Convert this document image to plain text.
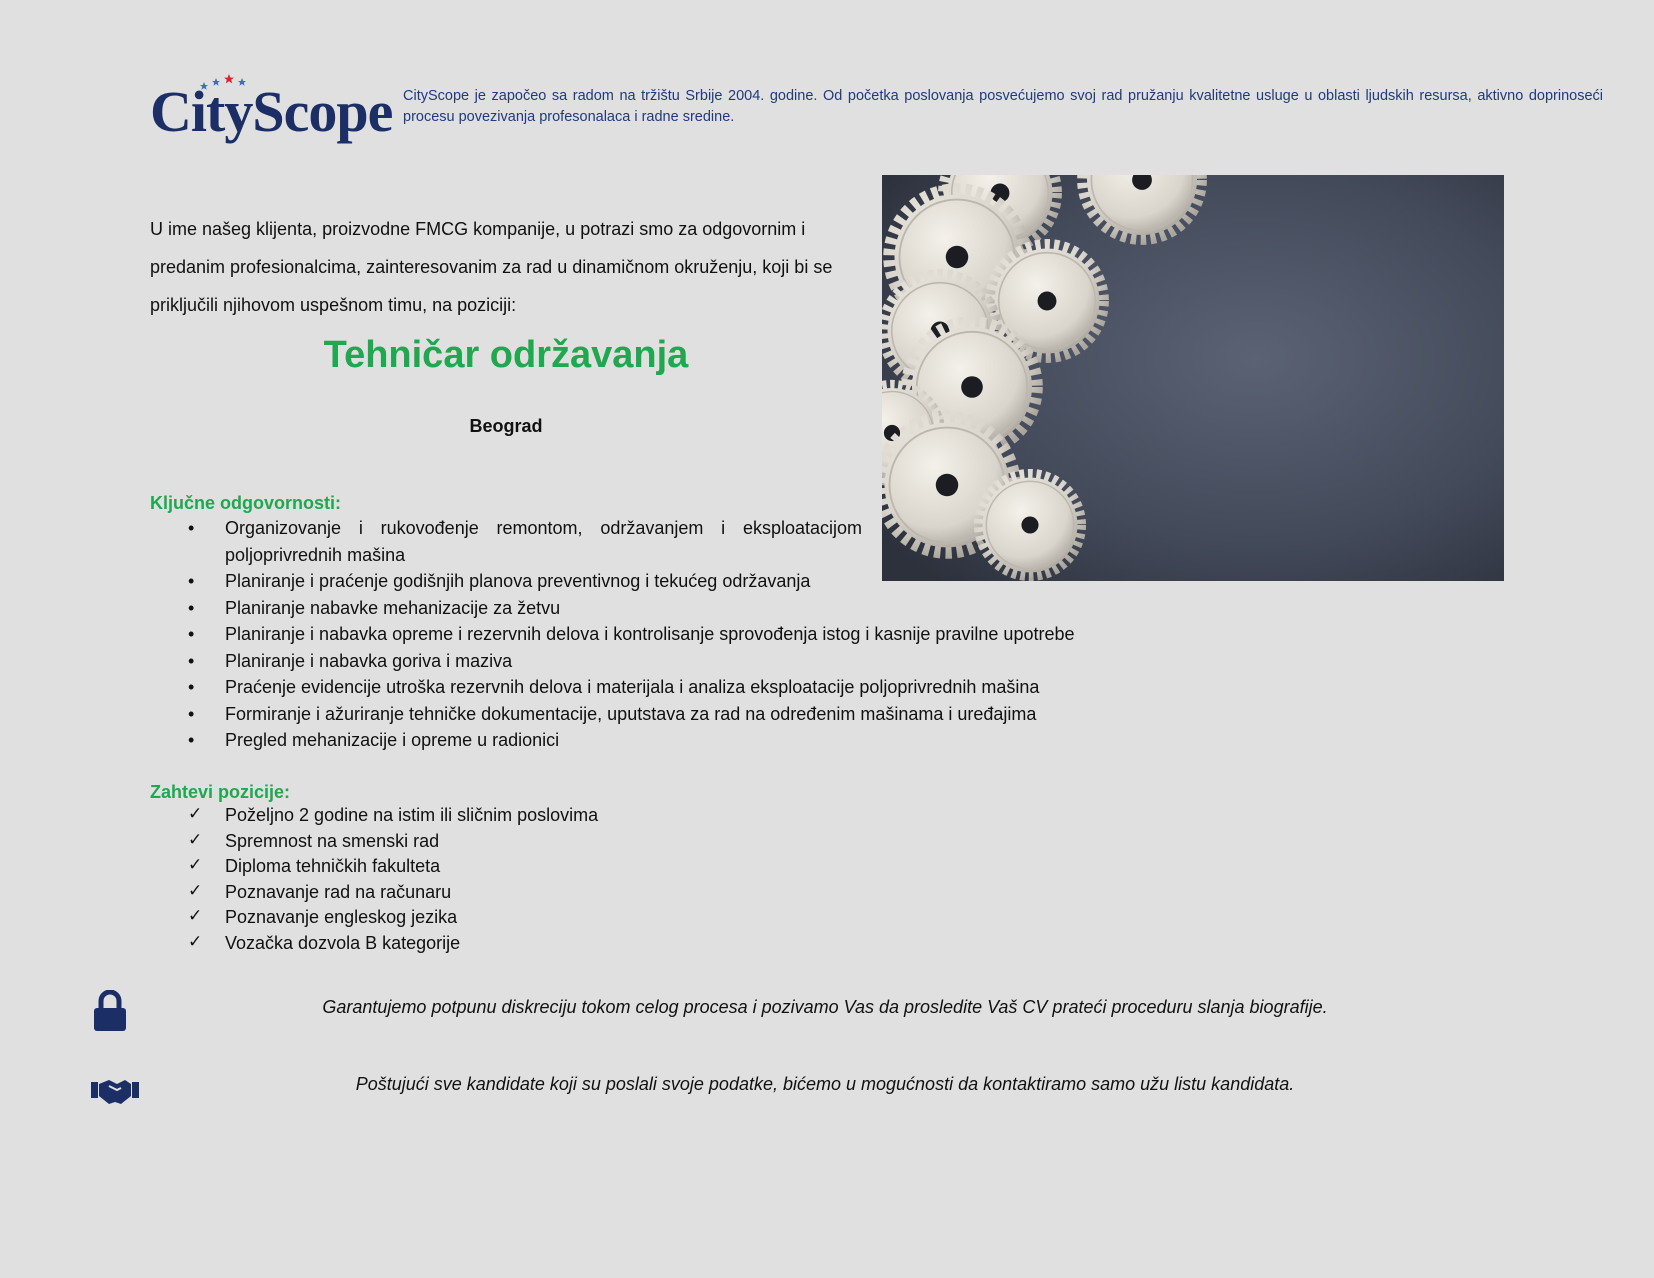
CityScope CityScope je započeo sa radom na tržištu Srbije 2004. godine. Od početka poslovanja posvećujemo svoj rad pružanju kvalitetne usluge u oblasti ljudskih resursa, aktivno doprinoseći procesu povezivanja profesonalaca i radne sredine.
U ime našeg klijenta, proizvodne FMCG kompanije, u potrazi smo za odgovornim i predanim profesionalcima, zainteresovanim za rad u dinamičnom okruženju, koji bi se priključili njihovom uspešnom timu, na poziciji:
Tehničar održavanja
Beograd
Ključne odgovornosti:
• Organizovanje i rukovođenje remontom, održavanjem i eksploatacijom poljoprivrednih mašina
• Planiranje i praćenje godišnjih planova preventivnog i tekućeg održavanja
• Planiranje nabavke mehanizacije za žetvu
• Planiranje i nabavka opreme i rezervnih delova i kontrolisanje sprovođenja istog i kasnije pravilne upotrebe
• Planiranje i nabavka goriva i maziva
• Praćenje evidencije utroška rezervnih delova i materijala i analiza eksploatacije poljoprivrednih mašina
• Formiranje i ažuriranje tehničke dokumentacije, uputstava za rad na određenim mašinama i uređajima
• Pregled mehanizacije i opreme u radionici
Zahtevi pozicije:
✓ Poželjno 2 godine na istim ili sličnim poslovima
✓ Spremnost na smenski rad
✓ Diploma tehničkih fakulteta
✓ Poznavanje rad na računaru
✓ Poznavanje engleskog jezika
✓ Vozačka dozvola B kategorije
Garantujemo potpunu diskreciju tokom celog procesa i pozivamo Vas da prosledite Vaš CV prateći proceduru slanja biografije.
Poštujući sve kandidate koji su poslali svoje podatke, bićemo u mogućnosti da kontaktiramo samo užu listu kandidata.
